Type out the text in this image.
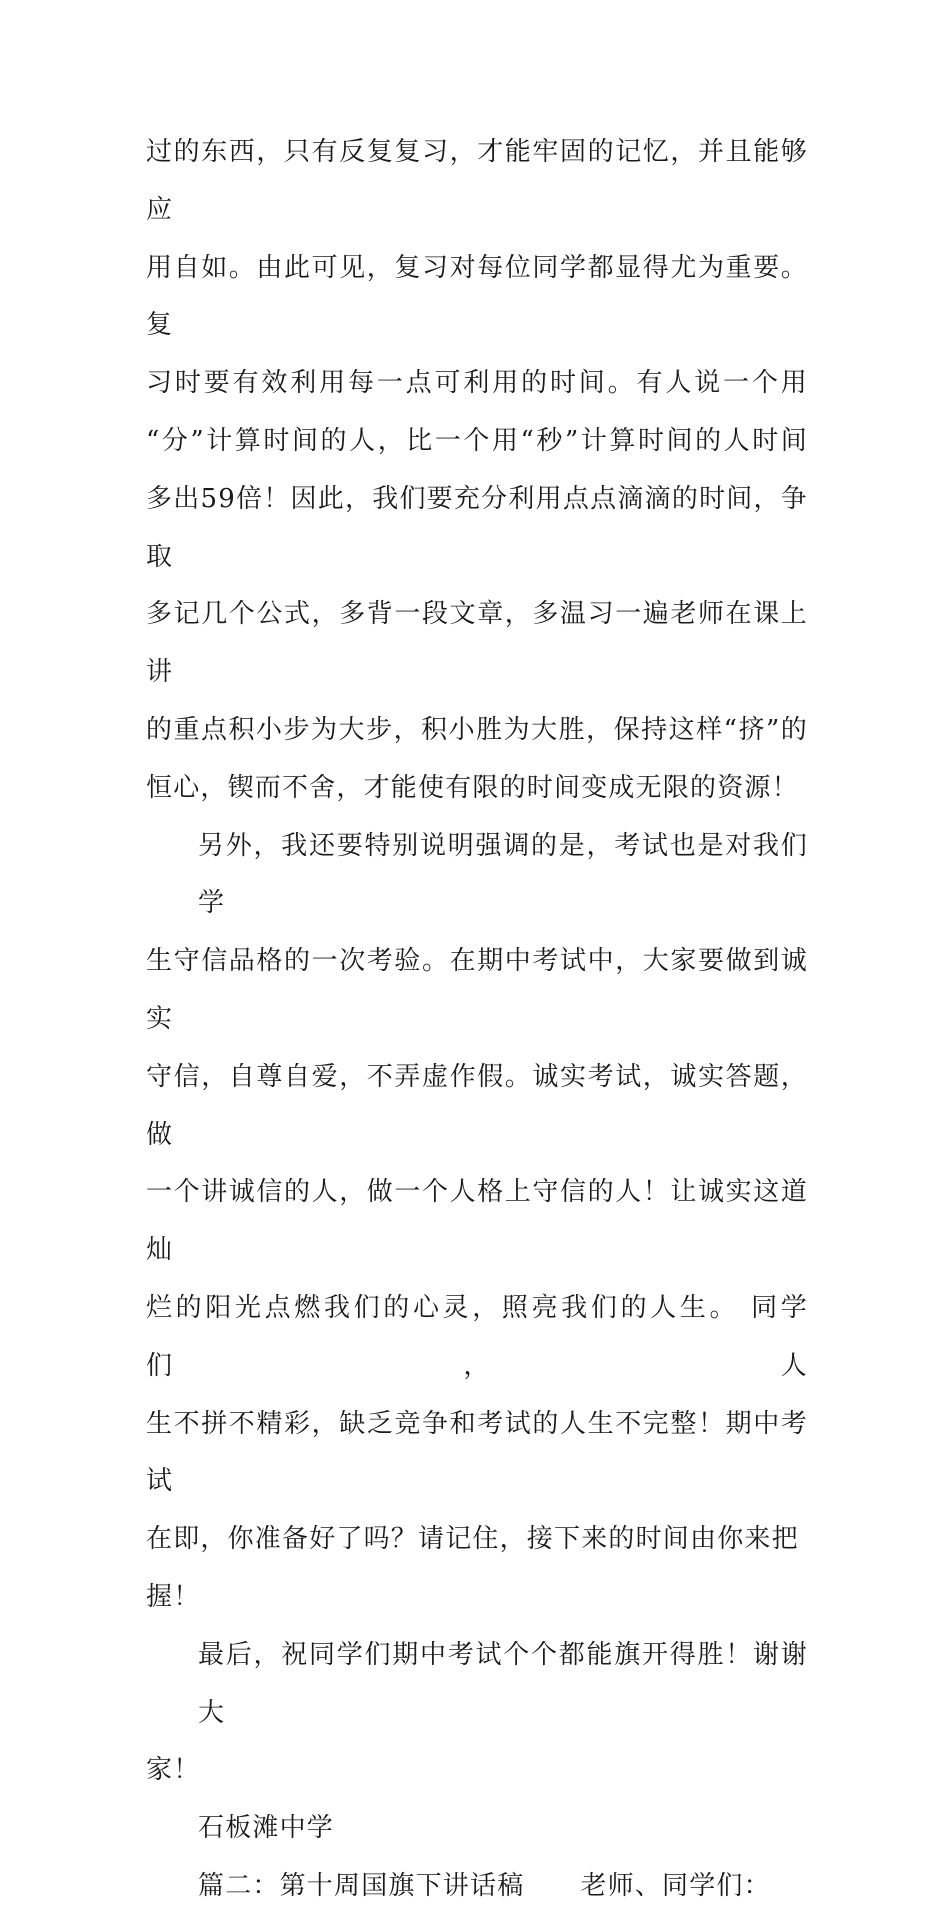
过的东西，只有反复复习，才能牢固的记忆，并且能够应
用自如。由此可见，复习对每位同学都显得尤为重要。复
习时要有效利用每一点可利用的时间。有人说一个用
“分”计算时间的人，比一个用“秒”计算时间的人时间
多出59倍！因此，我们要充分利用点点滴滴的时间，争取
多记几个公式，多背一段文章，多温习一遍老师在课上讲
的重点积小步为大步，积小胜为大胜，保持这样“挤”的
恒心，锲而不舍，才能使有限的时间变成无限的资源！
另外，我还要特别说明强调的是，考试也是对我们学
生守信品格的一次考验。在期中考试中，大家要做到诚实
守信，自尊自爱，不弄虚作假。诚实考试，诚实答题，做
一个讲诚信的人，做一个人格上守信的人！让诚实这道灿
烂的阳光点燃我们的心灵，照亮我们的人生。 同学们，人
生不拼不精彩，缺乏竞争和考试的人生不完整！期中考试
在即，你准备好了吗？请记住，接下来的时间由你来把握！
最后，祝同学们期中考试个个都能旗开得胜！谢谢大
家！

石板滩中学

篇二：第十周国旗下讲话稿 老师、同学们：
